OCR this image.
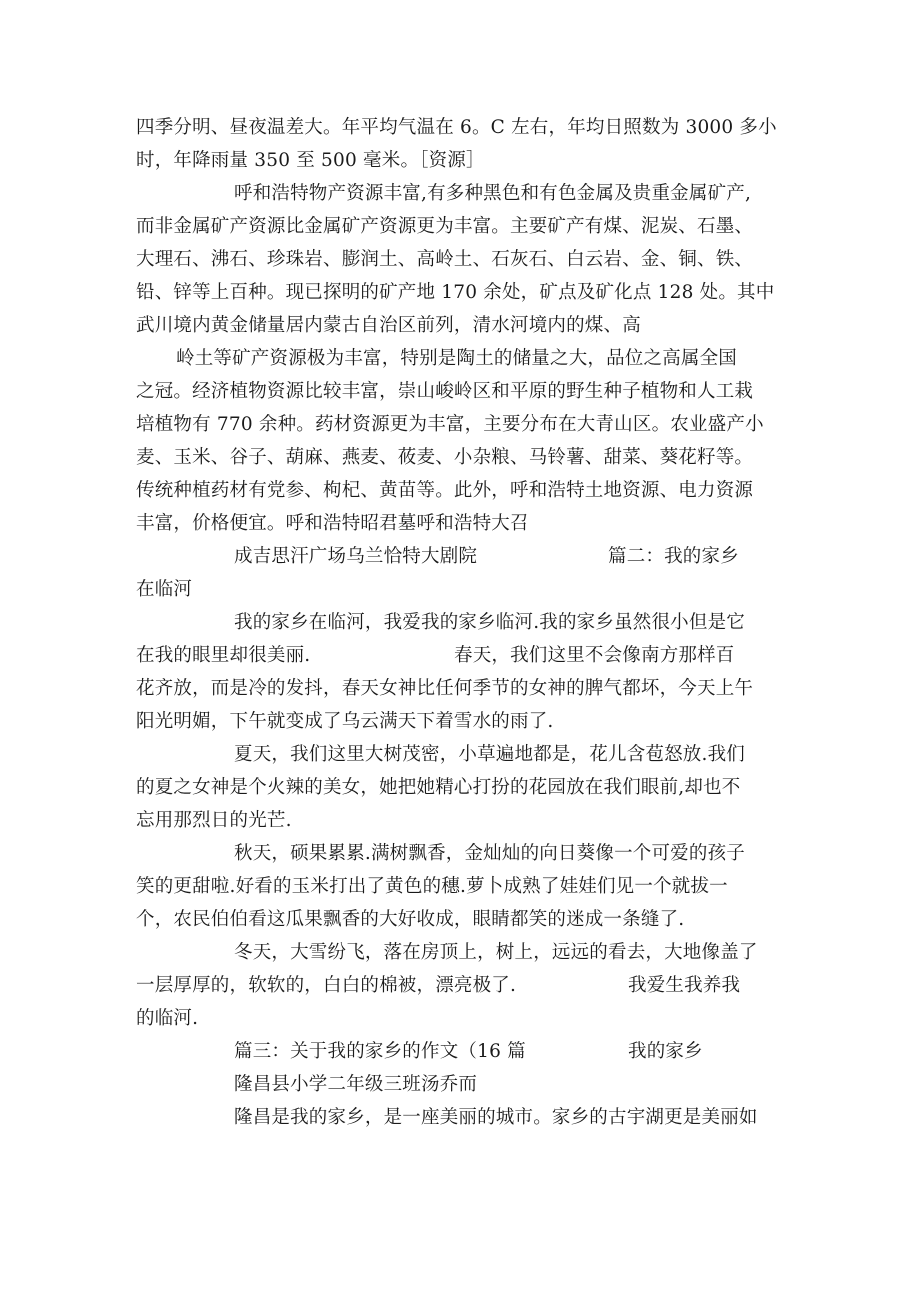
四季分明、昼夜温差大。年平均气温在 6。C 左右，年均日照数为 3000 多小
时，年降雨量 350 至 500 毫米。［资源］
呼和浩特物产资源丰富,有多种黑色和有色金属及贵重金属矿产,
而非金属矿产资源比金属矿产资源更为丰富。主要矿产有煤、泥炭、石墨、
大理石、沸石、珍珠岩、膨润土、高岭土、石灰石、白云岩、金、铜、铁、
铅、锌等上百种。现已探明的矿产地 170 余处，矿点及矿化点 128 处。其中
武川境内黄金储量居内蒙古自治区前列，清水河境内的煤、高
岭土等矿产资源极为丰富，特别是陶土的储量之大，品位之高属全国
之冠。经济植物资源比较丰富，崇山峻岭区和平原的野生种子植物和人工栽
培植物有 770 余种。药材资源更为丰富，主要分布在大青山区。农业盛产小
麦、玉米、谷子、葫麻、燕麦、莜麦、小杂粮、马铃薯、甜菜、葵花籽等。
传统种植药材有党参、枸杞、黄苗等。此外，呼和浩特土地资源、电力资源
丰富，价格便宜。呼和浩特昭君墓呼和浩特大召
成吉思汗广场乌兰恰特大剧院	篇二：我的家乡
在临河
我的家乡在临河，我爱我的家乡临河.我的家乡虽然很小但是它
在我的眼里却很美丽.	春天，我们这里不会像南方那样百
花齐放，而是冷的发抖，春天女神比任何季节的女神的脾气都坏，今天上午
阳光明媚，下午就变成了乌云满天下着雪水的雨了.
夏天，我们这里大树茂密，小草遍地都是，花儿含苞怒放.我们
的夏之女神是个火辣的美女，她把她精心打扮的花园放在我们眼前,却也不
忘用那烈日的光芒.
秋天，硕果累累.满树飘香，金灿灿的向日葵像一个可爱的孩子
笑的更甜啦.好看的玉米打出了黄色的穗.萝卜成熟了娃娃们见一个就拔一
个，农民伯伯看这瓜果飘香的大好收成，眼睛都笑的迷成一条缝了.
冬天，大雪纷飞，落在房顶上，树上，远远的看去，大地像盖了
一层厚厚的，软软的，白白的棉被，漂亮极了.	我爱生我养我
的临河.
篇三：关于我的家乡的作文（16 篇	我的家乡
隆昌县小学二年级三班汤乔而
隆昌是我的家乡，是一座美丽的城市。家乡的古宇湖更是美丽如
